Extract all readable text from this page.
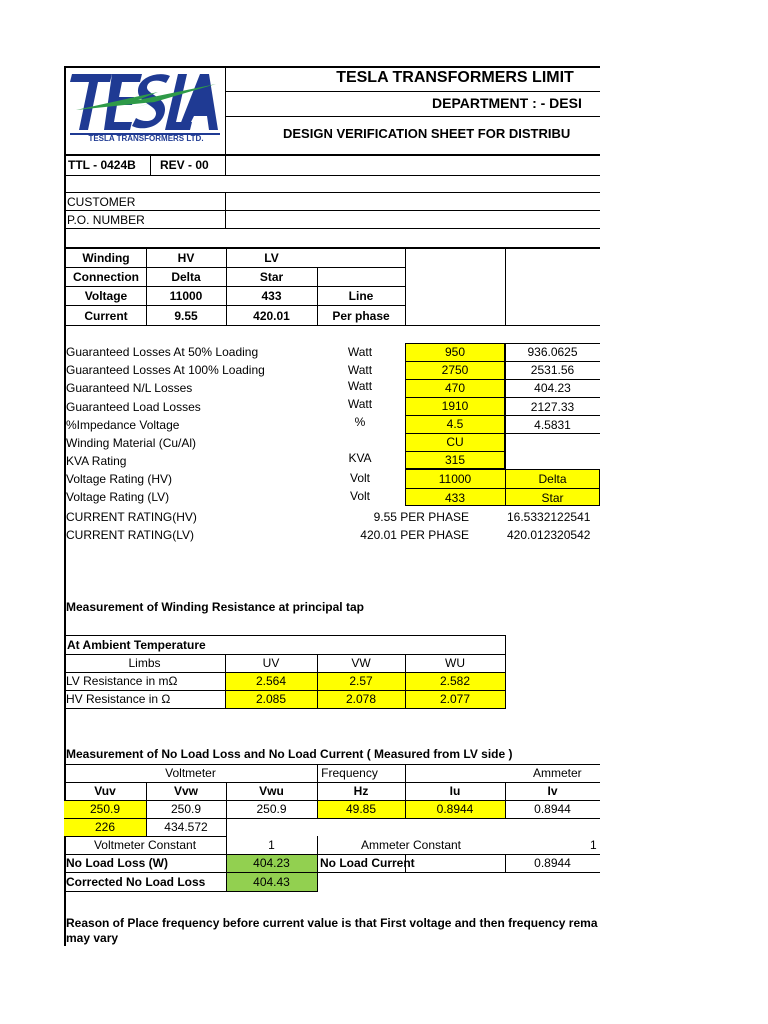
TESLA TRANSFORMERS LTD.
TESLA TRANSFORMERS LIMIT
DEPARTMENT : - DESI
DESIGN VERIFICATION SHEET FOR DISTRIBU
TTL - 0424B REV - 00
CUSTOMER
P.O. NUMBER
Winding	HV	LV
Connection	Delta	Star
Voltage	11000	433	Line
Current	9.55	420.01	Per phase
Guaranteed Losses At 50% Loading	Watt	950	936.0625
Guaranteed Losses At 100% Loading	Watt	2750	2531.56
Guaranteed N/L Losses	Watt	470	404.23
Guaranteed Load Losses	Watt	1910	2127.33
%Impedance Voltage	%	4.5	4.5831
Winding Material (Cu/Al)	CU
KVA Rating	KVA	315
Voltage Rating (HV)	Volt	11000	Delta
Voltage Rating (LV)	Volt	433	Star
CURRENT RATING(HV)	9.55 PER PHASE	16.5332122541
CURRENT RATING(LV)	420.01 PER PHASE	420.012320542
Measurement of Winding Resistance at principal tap
At Ambient Temperature
Limbs	UV	VW	WU
LV Resistance in mΩ	2.564	2.57	2.582
HV Resistance in Ω	2.085	2.078	2.077
Measurement of No Load Loss and No Load Current ( Measured from LV side )
Voltmeter	Frequency	Ammeter
Vuv	Vvw	Vwu	Hz	Iu	Iv
250.9	250.9	250.9	49.85	0.8944	0.8944
226	434.572
Voltmeter Constant	1	Ammeter Constant	1
No Load Loss (W)	404.23	No Load Current	0.8944
Corrected No Load Loss	404.43
Reason of Place frequency before current value is that First voltage and then frequency rema
may vary
